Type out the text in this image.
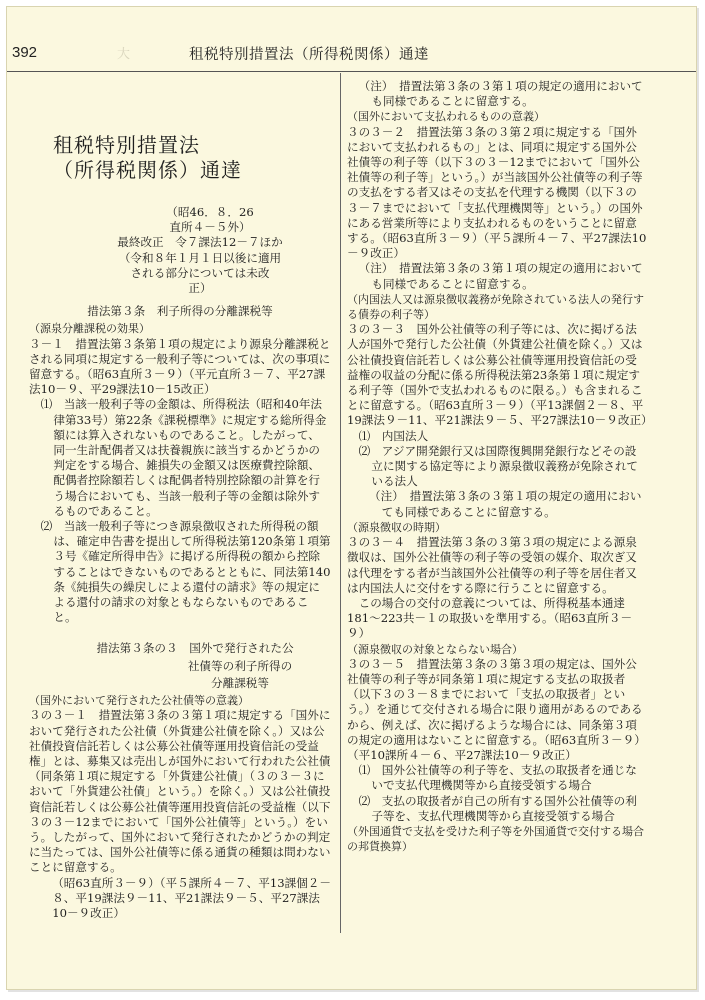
大
392	租税特別措置法（所得税関係）通達

租税特別措置法
（所得税関係）通達

（昭46．８．26

直所４－５外）

最終改正　令７課法12－７ほか

（令和８年１月１日以後に適用

される部分については未改

正）

措法第３条　利子所得の分離課税等

（源泉分離課税の効果）

３－１　措置法第３条第１項の規定により源泉分離課税とされる同項に規定する一般利子等については、次の事項に留意する。（昭63直所３－９）（平元直所３－７、平27課法10－９、平29課法10－15改正）

⑴　当該一般利子等の金額は、所得税法（昭和40年法律第33号）第22条《課税標準》に規定する総所得金額には算入されないものであること。したがって、同一生計配偶者又は扶養親族に該当するかどうかの判定をする場合、雑損失の金額又は医療費控除額、配偶者控除額若しくは配偶者特別控除額の計算を行う場合においても、当該一般利子等の金額は除外するものであること。

⑵　当該一般利子等につき源泉徴収された所得税の額は、確定申告書を提出して所得税法第120条第１項第３号《確定所得申告》に掲げる所得税の額から控除することはできないものであるとともに、同法第140条《純損失の繰戻しによる還付の請求》等の規定による還付の請求の対象ともならないものであること。

措法第３条の３　国外で発行された公

社債等の利子所得の

分離課税等

（国外において発行された公社債等の意義）

３の３－１　措置法第３条の３第１項に規定する「国外において発行された公社債（外貨建公社債を除く。）又は公社債投資信託若しくは公募公社債等運用投資信託の受益権」とは、募集又は売出しが国外において行われた公社債（同条第１項に規定する「外貨建公社債」（３の３－３において「外貨建公社債」という。）を除く。）又は公社債投資信託若しくは公募公社債等運用投資信託の受益権（以下３の３－12までにおいて「国外公社債等」という。）をいう。したがって、国外において発行されたかどうかの判定に当たっては、国外公社債等に係る通貨の種類は問わないことに留意する。

（昭63直所３－９）（平５課所４－７、平13課個２－８、平19課法９－11、平21課法９－５、平27課法10－９改正）

（注）　措置法第３条の３第１項の規定の適用においても同様であることに留意する。

（国外において支払われるものの意義）

３の３－２　措置法第３条の３第２項に規定する「国外において支払われるもの」とは、同項に規定する国外公社債等の利子等（以下３の３－12までにおいて「国外公社債等の利子等」という。）が当該国外公社債等の利子等の支払をする者又はその支払を代理する機関（以下３の３－７までにおいて「支払代理機関等」という。）の国外にある営業所等により支払われるものをいうことに留意する。（昭63直所３－９）（平５課所４－７、平27課法10－９改正）

（注）　措置法第３条の３第１項の規定の適用においても同様であることに留意する。

（内国法人又は源泉徴収義務が免除されている法人の発行する債券の利子等）

３の３－３　国外公社債等の利子等には、次に掲げる法人が国外で発行した公社債（外貨建公社債を除く。）又は公社債投資信託若しくは公募公社債等運用投資信託の受益権の収益の分配に係る所得税法第23条第１項に規定する利子等（国外で支払われるものに限る。）も含まれることに留意する。（昭63直所３－９）（平13課個２－８、平19課法９－11、平21課法９－５、平27課法10－９改正）

⑴　内国法人

⑵　アジア開発銀行又は国際復興開発銀行などその設立に関する協定等により源泉徴収義務が免除されている法人

（注）　措置法第３条の３第１項の規定の適用においても同様であることに留意する。

（源泉徴収の時期）

３の３－４　措置法第３条の３第３項の規定による源泉徴収は、国外公社債等の利子等の受領の媒介、取次ぎ又は代理をする者が当該国外公社債等の利子等を居住者又は内国法人に交付をする際に行うことに留意する。

この場合の交付の意義については、所得税基本通達181～223共－１の取扱いを準用する。（昭63直所３－９）

（源泉徴収の対象とならない場合）

３の３－５　措置法第３条の３第３項の規定は、国外公社債等の利子等が同条第１項に規定する支払の取扱者（以下３の３－８までにおいて「支払の取扱者」という。）を通じて交付される場合に限り適用があるのであるから、例えば、次に掲げるような場合には、同条第３項の規定の適用はないことに留意する。（昭63直所３－９）（平10課所４－６、平27課法10－９改正）

⑴　国外公社債等の利子等を、支払の取扱者を通じないで支払代理機関等から直接受領する場合

⑵　支払の取扱者が自己の所有する国外公社債等の利子等を、支払代理機関等から直接受領する場合

（外国通貨で支払を受けた利子等を外国通貨で交付する場合の邦貨換算）
